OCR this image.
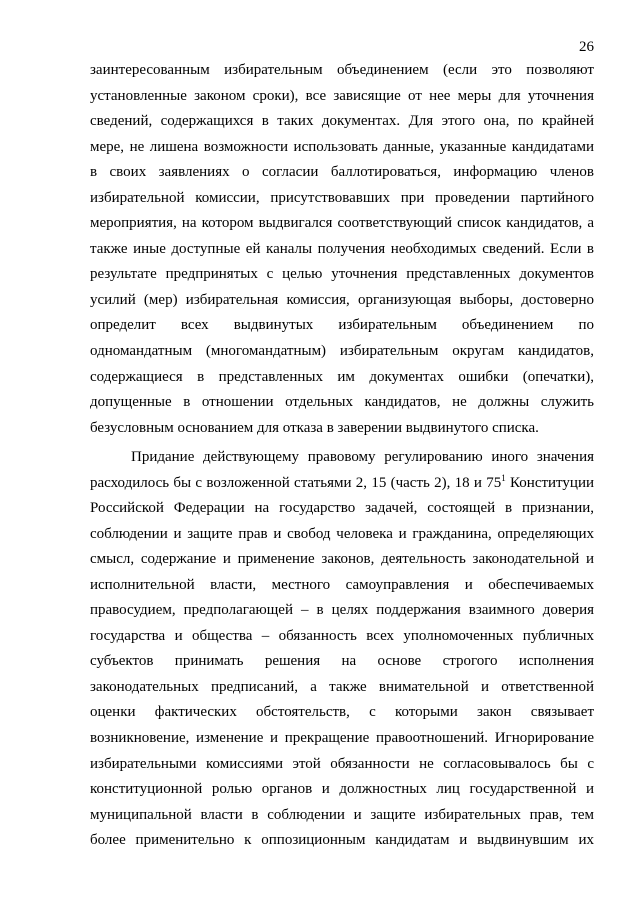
26
заинтересованным избирательным объединением (если это позволяют
установленные законом сроки), все зависящие от нее меры для уточнения
сведений, содержащихся в таких документах. Для этого она, по крайней
мере, не лишена возможности использовать данные, указанные кандидатами
в своих заявлениях о согласии баллотироваться, информацию членов
избирательной комиссии, присутствовавших при проведении партийного
мероприятия, на котором выдвигался соответствующий список кандидатов, а
также иные доступные ей каналы получения необходимых сведений. Если в
результате предпринятых с целью уточнения представленных документов
усилий (мер) избирательная комиссия, организующая выборы, достоверно
определит всех выдвинутых избирательным объединением по
одномандатным (многомандатным) избирательным округам кандидатов,
содержащиеся в представленных им документах ошибки (опечатки),
допущенные в отношении отдельных кандидатов, не должны служить
безусловным основанием для отказа в заверении выдвинутого списка.
Придание действующему правовому регулированию иного значения
расходилось бы с возложенной статьями 2, 15 (часть 2), 18 и $75^1$ Конституции
Российской Федерации на государство задачей, состоящей в признании,
соблюдении и защите прав и свобод человека и гражданина, определяющих
смысл, содержание и применение законов, деятельность законодательной и
исполнительной власти, местного самоуправления и обеспечиваемых
правосудием, предполагающей – в целях поддержания взаимного доверия
государства и общества – обязанность всех уполномоченных публичных
субъектов принимать решения на основе строгого исполнения
законодательных предписаний, а также внимательной и ответственной
оценки фактических обстоятельств, с которыми закон связывает
возникновение, изменение и прекращение правоотношений. Игнорирование
избирательными комиссиями этой обязанности не согласовывалось бы с
конституционной ролью органов и должностных лиц государственной и
муниципальной власти в соблюдении и защите избирательных прав, тем
более применительно к оппозиционным кандидатам и выдвинувшим их
